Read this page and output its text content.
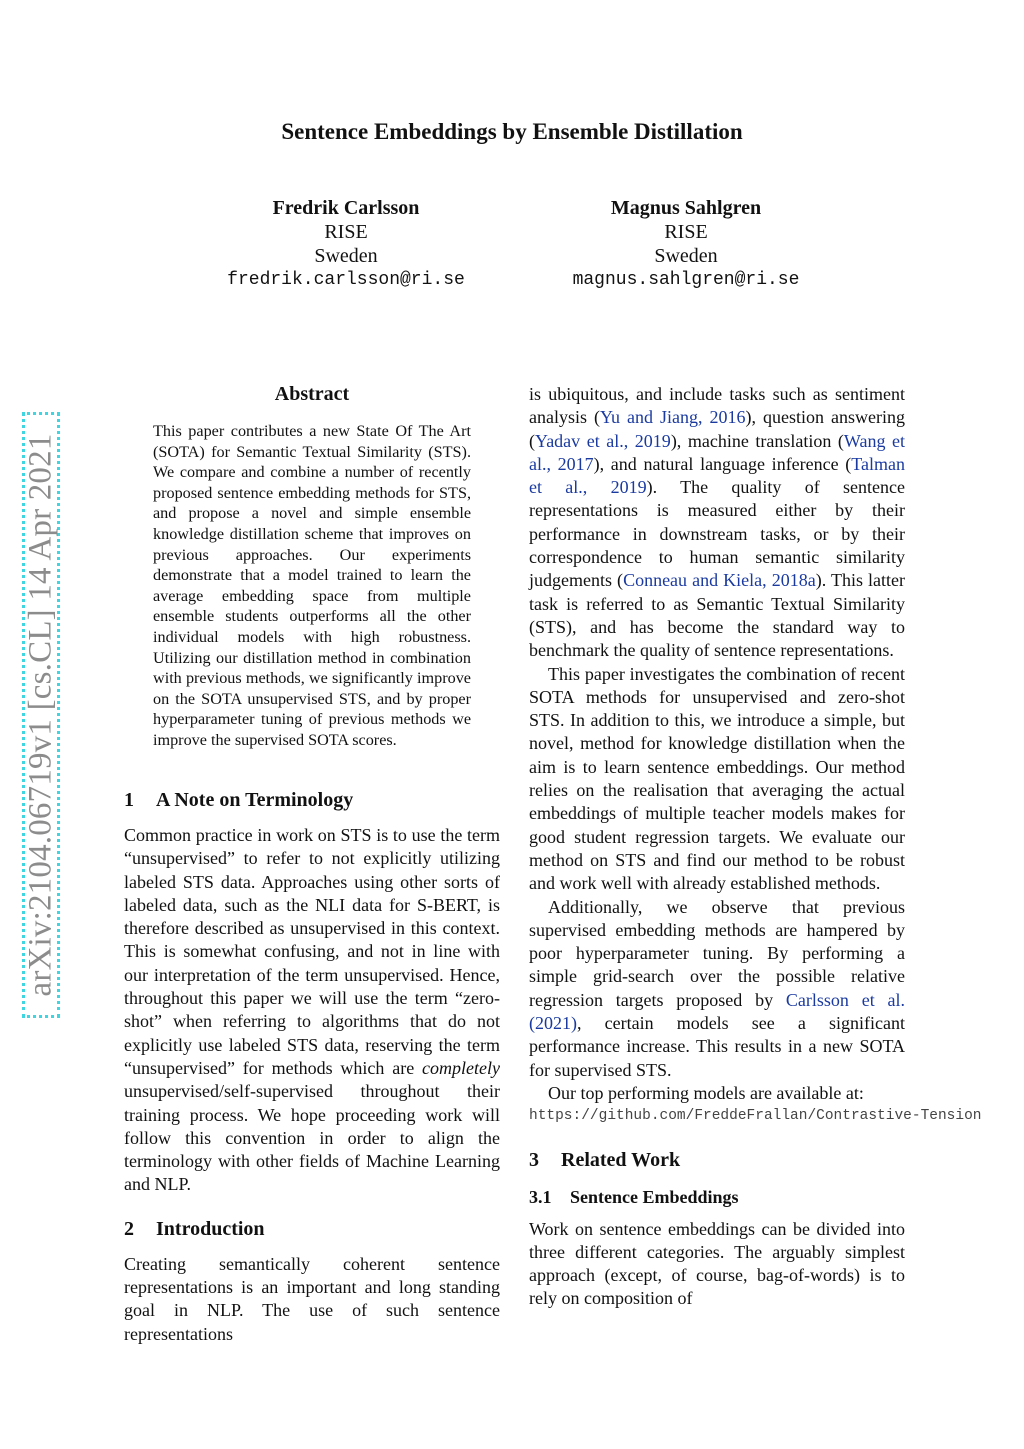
Sentence Embeddings by Ensemble Distillation
Fredrik Carlsson
RISE
Sweden
fredrik.carlsson@ri.se
Magnus Sahlgren
RISE
Sweden
magnus.sahlgren@ri.se
arXiv:2104.06719v1 [cs.CL] 14 Apr 2021
Abstract
This paper contributes a new State Of The Art (SOTA) for Semantic Textual Similarity (STS). We compare and combine a number of recently proposed sentence embedding methods for STS, and propose a novel and simple ensemble knowledge distillation scheme that improves on previous approaches. Our experiments demonstrate that a model trained to learn the average embedding space from multiple ensemble students outperforms all the other individual models with high robustness. Utilizing our distillation method in combination with previous methods, we significantly improve on the SOTA unsupervised STS, and by proper hyperparameter tuning of previous methods we improve the supervised SOTA scores.
1 A Note on Terminology

Common practice in work on STS is to use the term “unsupervised” to refer to not explicitly utilizing labeled STS data. Approaches using other sorts of labeled data, such as the NLI data for S-BERT, is therefore described as unsupervised in this context. This is somewhat confusing, and not in line with our interpretation of the term unsupervised. Hence, throughout this paper we will use the term “zero-shot” when referring to algorithms that do not explicitly use labeled STS data, reserving the term “unsupervised” for methods which are completely unsupervised/self-supervised throughout their training process. We hope proceeding work will follow this convention in order to align the terminology with other fields of Machine Learning and NLP.

2 Introduction

Creating semantically coherent sentence representations is an important and long standing goal in NLP. The use of such sentence representations

is ubiquitous, and include tasks such as sentiment analysis (Yu and Jiang, 2016), question answering (Yadav et al., 2019), machine translation (Wang et al., 2017), and natural language inference (Talman et al., 2019). The quality of sentence representations is measured either by their performance in downstream tasks, or by their correspondence to human semantic similarity judgements (Conneau and Kiela, 2018a). This latter task is referred to as Semantic Textual Similarity (STS), and has become the standard way to benchmark the quality of sentence representations.

This paper investigates the combination of recent SOTA methods for unsupervised and zero-shot STS. In addition to this, we introduce a simple, but novel, method for knowledge distillation when the aim is to learn sentence embeddings. Our method relies on the realisation that averaging the actual embeddings of multiple teacher models makes for good student regression targets. We evaluate our method on STS and find our method to be robust and work well with already established methods.

Additionally, we observe that previous supervised embedding methods are hampered by poor hyperparameter tuning. By performing a simple grid-search over the possible relative regression targets proposed by Carlsson et al. (2021), certain models see a significant performance increase. This results in a new SOTA for supervised STS.

Our top performing models are available at:

https://github.com/FreddeFrallan/Contrastive-Tension
3 Related Work
3.1 Sentence Embeddings

Work on sentence embeddings can be divided into three different categories. The arguably simplest approach (except, of course, bag-of-words) is to rely on composition of
